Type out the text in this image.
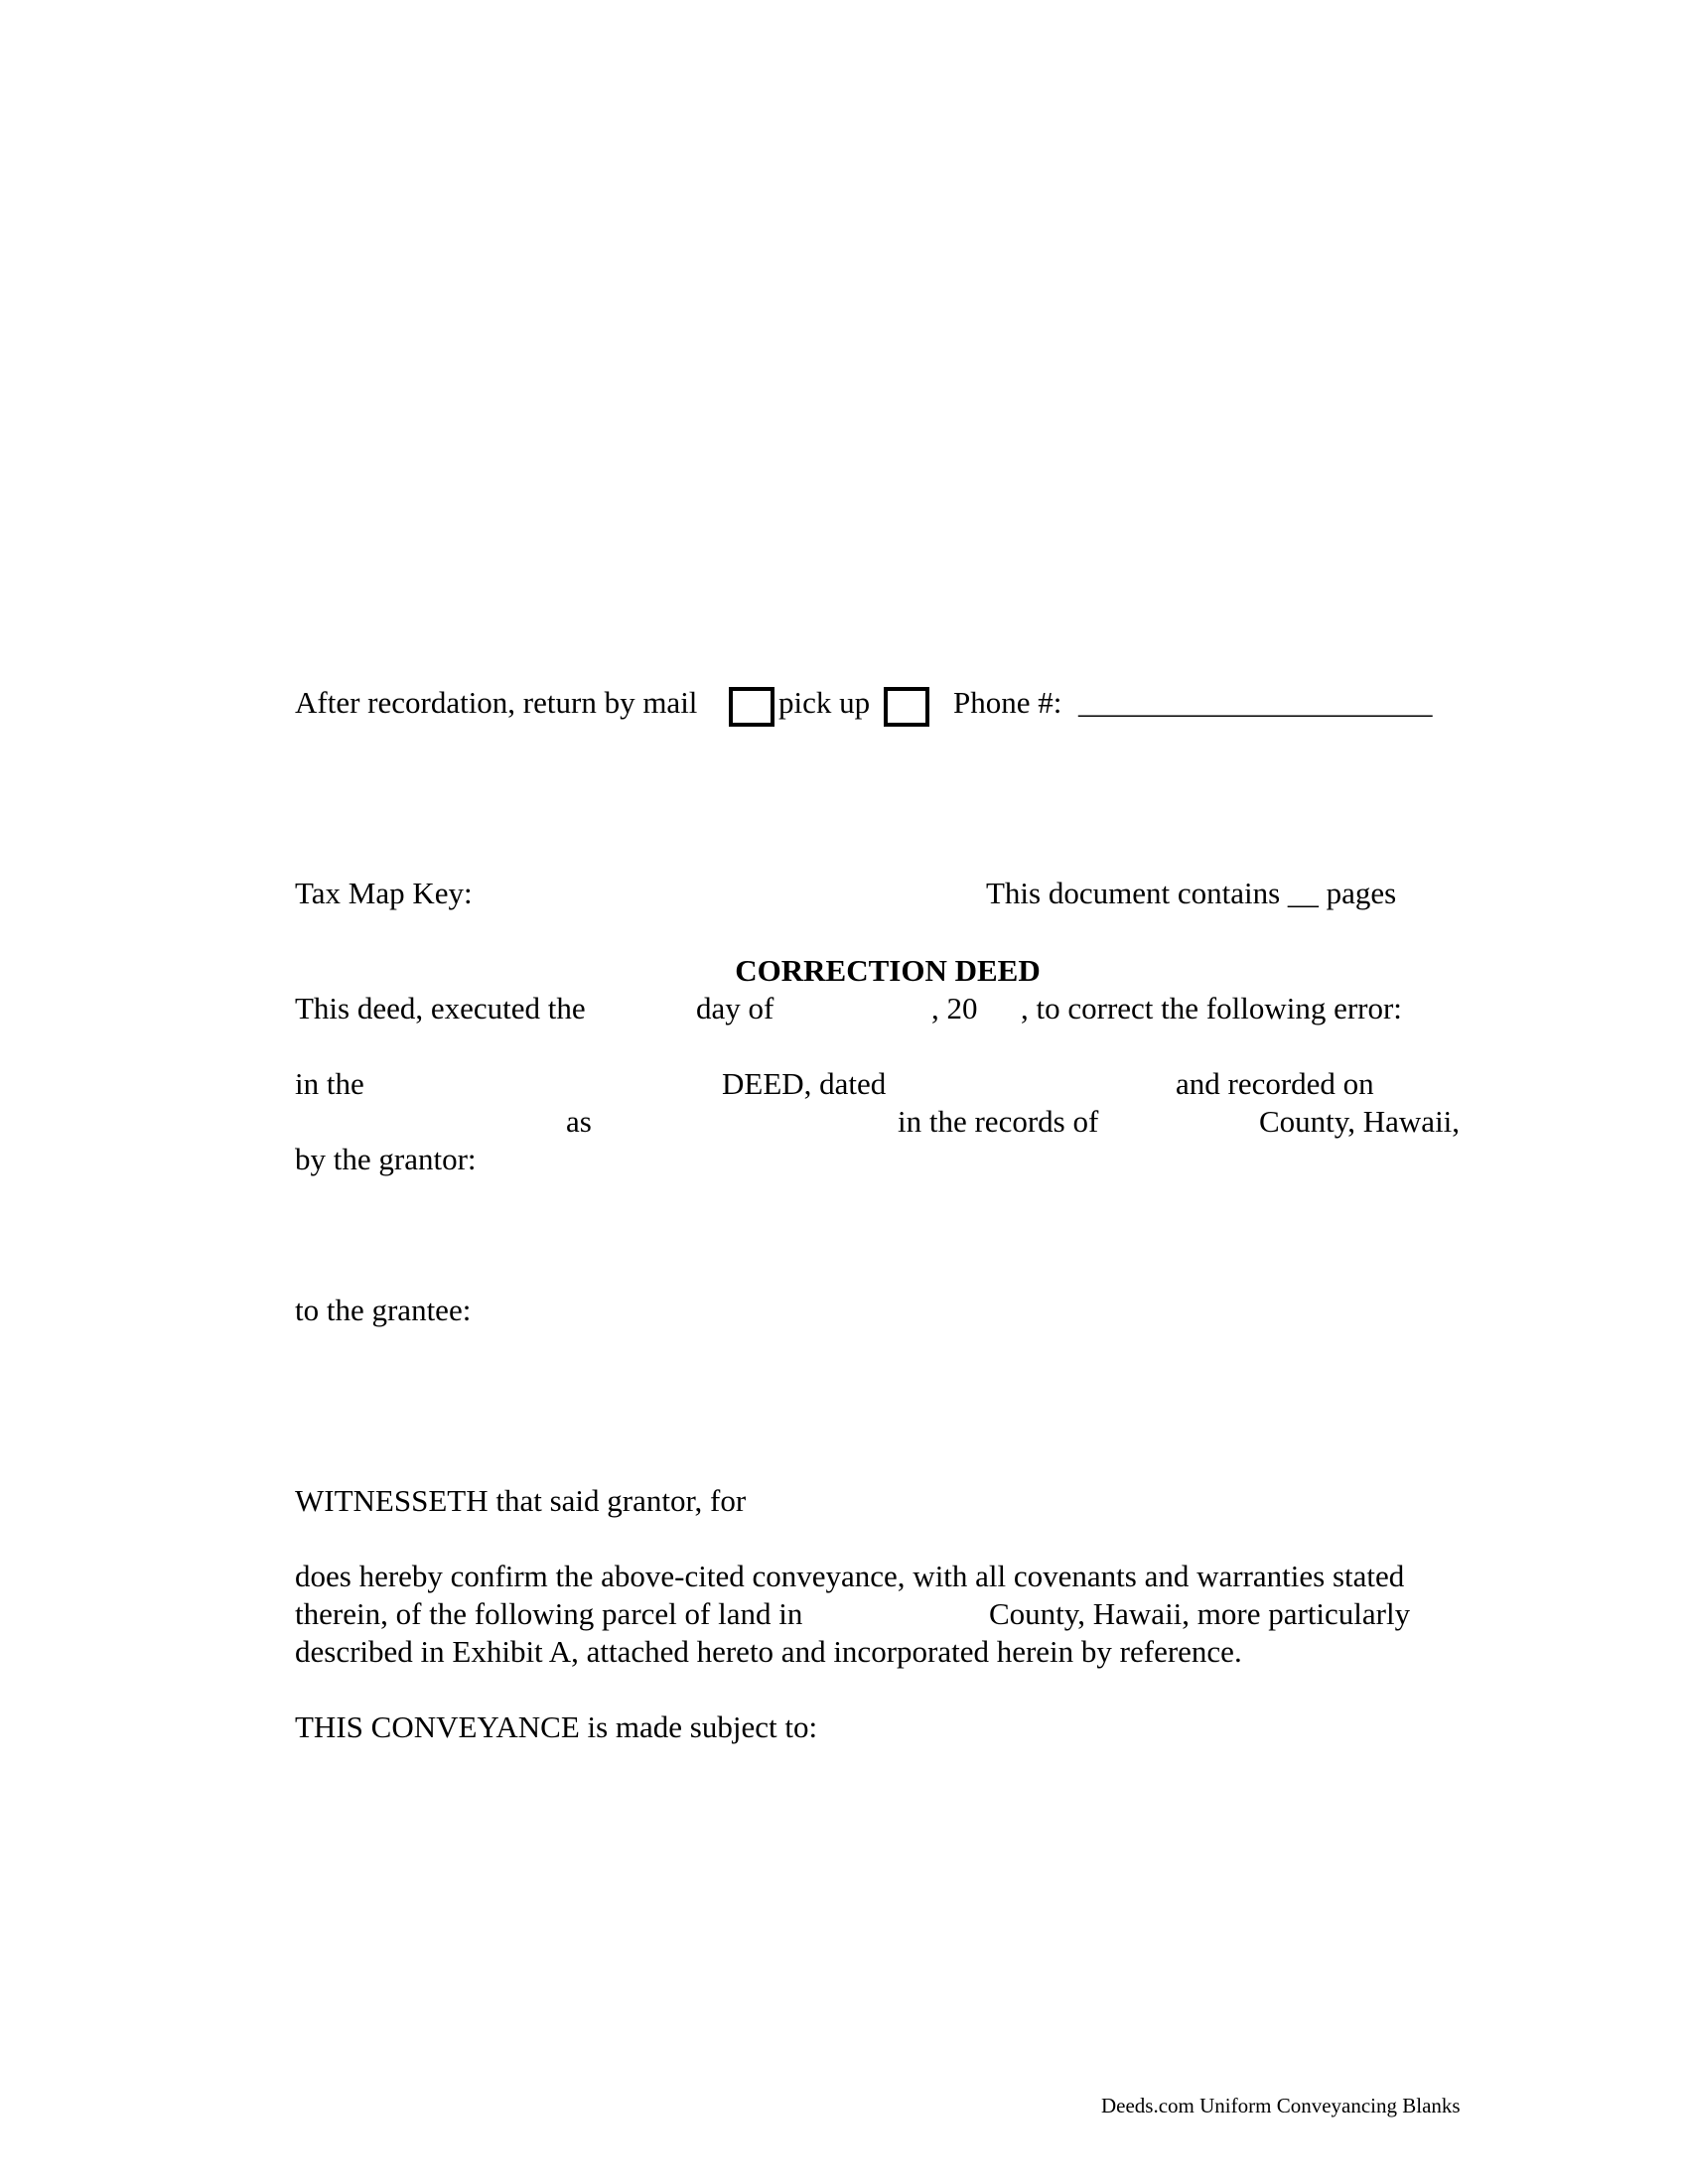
After recordation, return by mail	pick up	Phone #: _______________________
Tax Map Key:	This document contains __ pages
CORRECTION DEED
This deed, executed the	day of	, 20 , to correct the following error:
in the	DEED, dated	and recorded on
as	in the records of	County, Hawaii,
by the grantor:
to the grantee:
WITNESSETH that said grantor, for
does hereby confirm the above-cited conveyance, with all covenants and warranties stated
therein, of the following parcel of land in	County, Hawaii, more particularly
described in Exhibit A, attached hereto and incorporated herein by reference.
THIS CONVEYANCE is made subject to:
Deeds.com Uniform Conveyancing Blanks
